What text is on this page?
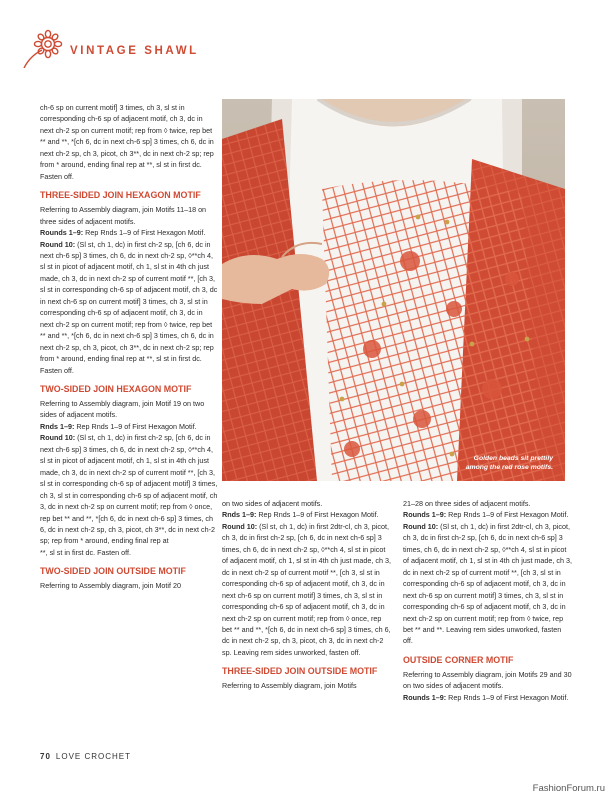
VINTAGE SHAWL

ch-6 sp on current motif] 3 times, ch 3, sl st in corresponding ch-6 sp of adjacent motif, ch 3, dc in next ch-2 sp on current motif; rep from ◊ twice, rep bet ** and **, *[ch 6, dc in next ch-6 sp] 3 times, ch 6, dc in next ch-2 sp, ch 3, picot, ch 3**, dc in next ch-2 sp; rep from * around, ending final rep at **, sl st in first dc. Fasten off.

THREE-SIDED JOIN HEXAGON MOTIF

Referring to Assembly diagram, join Motifs 11–18 on three sides of adjacent motifs.

Rounds 1–9: Rep Rnds 1–9 of First Hexagon Motif.

Round 10: (Sl st, ch 1, dc) in first ch-2 sp, [ch 6, dc in next ch-6 sp] 3 times, ch 6, dc in next ch-2 sp, ◊**ch 4, sl st in picot of adjacent motif, ch 1, sl st in 4th ch just made, ch 3, dc in next ch-2 sp of current motif **, [ch 3, sl st in corresponding ch-6 sp of adjacent motif, ch 3, dc in next ch-6 sp on current motif] 3 times, ch 3, sl st in corresponding ch-6 sp of adjacent motif, ch 3, dc in next ch-2 sp on current motif; rep from ◊ twice, rep bet ** and **, *[ch 6, dc in next ch-6 sp] 3 times, ch 6, dc in next ch-2 sp, ch 3, picot, ch 3**, dc in next ch-2 sp; rep from * around, ending final rep at **, sl st in first dc. Fasten off.

TWO-SIDED JOIN HEXAGON MOTIF

Referring to Assembly diagram, join Motif 19 on two sides of adjacent motifs.

Rnds 1–9: Rep Rnds 1–9 of First Hexagon Motif.

Round 10: (Sl st, ch 1, dc) in first ch-2 sp, [ch 6, dc in next ch-6 sp] 3 times, ch 6, dc in next ch-2 sp, ◊**ch 4, sl st in picot of adjacent motif, ch 1, sl st in 4th ch just made, ch 3, dc in next ch-2 sp of current motif **, [ch 3, sl st in corresponding ch-6 sp of adjacent motif] 3 times, ch 3, sl st in corresponding ch-6 sp of adjacent motif, ch 3, dc in next ch-2 sp on current motif; rep from ◊ once, rep bet ** and **, *[ch 6, dc in next ch-6 sp] 3 times, ch 6, dc in next ch-2 sp, ch 3, picot, ch 3**, dc in next ch-2 sp; rep from * around, ending final rep at

**, sl st in first dc. Fasten off.

TWO-SIDED JOIN OUTSIDE MOTIF

Referring to Assembly diagram, join Motif 20

Golden beads sit prettily
among the red rose motifs.

on two sides of adjacent motifs.

Rnds 1–9: Rep Rnds 1–9 of First Hexagon Motif.

Round 10: (Sl st, ch 1, dc) in first 2dtr-cl, ch 3, picot, ch 3, dc in first ch-2 sp, [ch 6, dc in next ch-6 sp] 3 times, ch 6, dc in next ch-2 sp, ◊**ch 4, sl st in picot of adjacent motif, ch 1, sl st in 4th ch just made, ch 3, dc in next ch-2 sp of current motif **, [ch 3, sl st in corresponding ch-6 sp of adjacent motif, ch 3, dc in next ch-6 sp on current motif] 3 times, ch 3, sl st in corresponding ch-6 sp of adjacent motif, ch 3, dc in next ch-2 sp on current motif; rep from ◊ once, rep bet ** and **, *[ch 6, dc in next ch-6 sp] 3 times, ch 6, dc in next ch-2 sp, ch 3, picot, ch 3, dc in next ch-2 sp. Leaving rem sides unworked, fasten off.

THREE-SIDED JOIN OUTSIDE MOTIF

Referring to Assembly diagram, join Motifs

21–28 on three sides of adjacent motifs.

Rounds 1–9: Rep Rnds 1–9 of First Hexagon Motif.

Round 10: (Sl st, ch 1, dc) in first 2dtr-cl, ch 3, picot, ch 3, dc in first ch-2 sp, [ch 6, dc in next ch-6 sp] 3 times, ch 6, dc in next ch-2 sp, ◊**ch 4, sl st in picot of adjacent motif, ch 1, sl st in 4th ch just made, ch 3, dc in next ch-2 sp of current motif **, [ch 3, sl st in corresponding ch-6 sp of adjacent motif, ch 3, dc in next ch-6 sp on current motif] 3 times, ch 3, sl st in corresponding ch-6 sp of adjacent motif, ch 3, dc in next ch-2 sp on current motif; rep from ◊ twice, rep bet ** and **. Leaving rem sides unworked, fasten off.

OUTSIDE CORNER MOTIF

Referring to Assembly diagram, join Motifs 29 and 30 on two sides of adjacent motifs.

Rounds 1–9: Rep Rnds 1–9 of First Hexagon Motif.

70 LOVE CROCHET
FashionForum.ru
